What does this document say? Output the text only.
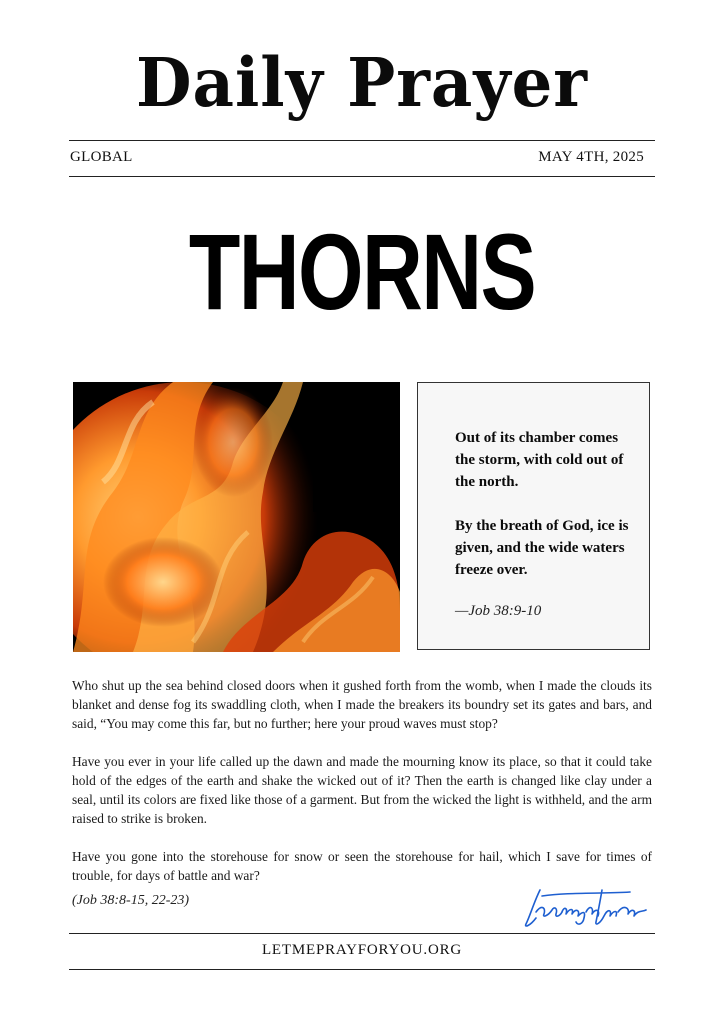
Daily Prayer
GLOBAL	MAY 4TH, 2025
THORNS

Out of its chamber comes the storm, with cold out of the north.

By the breath of God, ice is given, and the wide waters freeze over.

—Job 38:9-10

Who shut up the sea behind closed doors when it gushed forth from the womb, when I made the clouds its blanket and dense fog its swaddling cloth, when I made the breakers its boundry set its gates and bars, and said, “You may come this far, but no further; here your proud waves must stop?

Have you ever in your life called up the dawn and made the mourning know its place, so that it could take hold of the edges of the earth and shake the wicked out of it? Then the earth is changed like clay under a seal, until its colors are fixed like those of a garment. But from the wicked the light is withheld, and the arm raised to strike is broken.

Have you gone into the storehouse for snow or seen the storehouse for hail, which I save for times of trouble, for days of battle and war?

(Job 38:8-15, 22-23)
LETMEPRAYFORYOU.ORG
